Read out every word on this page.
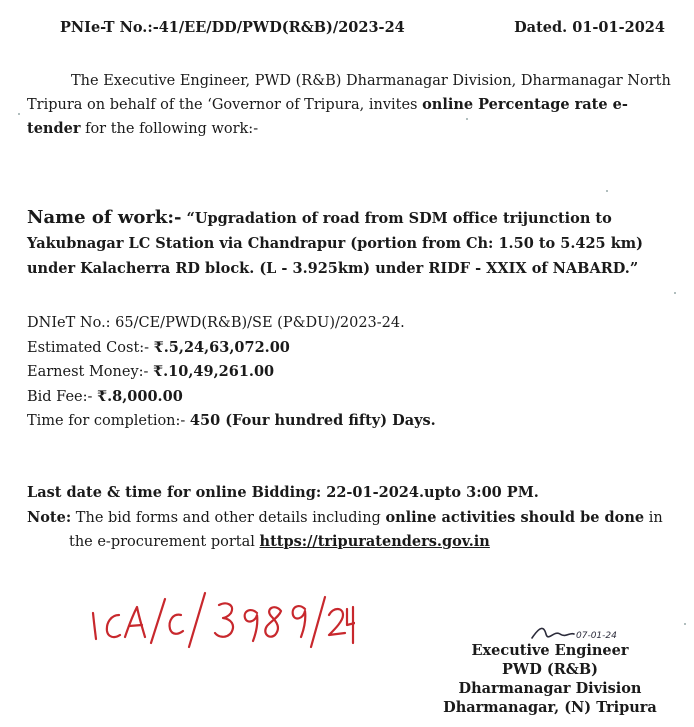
PNIe-T No.:-41/EE/DD/PWD(R&B)/2023-24	Dated. 01-01-2024
The Executive Engineer, PWD (R&B) Dharmanagar Division, Dharmanagar North Tripura on behalf of the ‘Governor of Tripura, invites online Percentage rate e-tender for the following work:-
Name of work:- “Upgradation of road from SDM office trijunction to Yakubnagar LC Station via Chandrapur (portion from Ch: 1.50 to 5.425 km) under Kalacherra RD block. (L - 3.925km) under RIDF - XXIX of NABARD.”
DNIeT No.: 65/CE/PWD(R&B)/SE (P&DU)/2023-24.
Estimated Cost:- ₹.5,24,63,072.00
Earnest Money:- ₹.10,49,261.00
Bid Fee:- ₹.8,000.00
Time for completion:- 450 (Four hundred fifty) Days.
Last date & time for online Bidding: 22-01-2024.upto 3:00 PM.
Note: The bid forms and other details including online activities should be done in
the e-procurement portal https://tripuratenders.gov.in
07-01-24
Executive Engineer
PWD (R&B)
Dharmanagar Division
Dharmanagar, (N) Tripura
